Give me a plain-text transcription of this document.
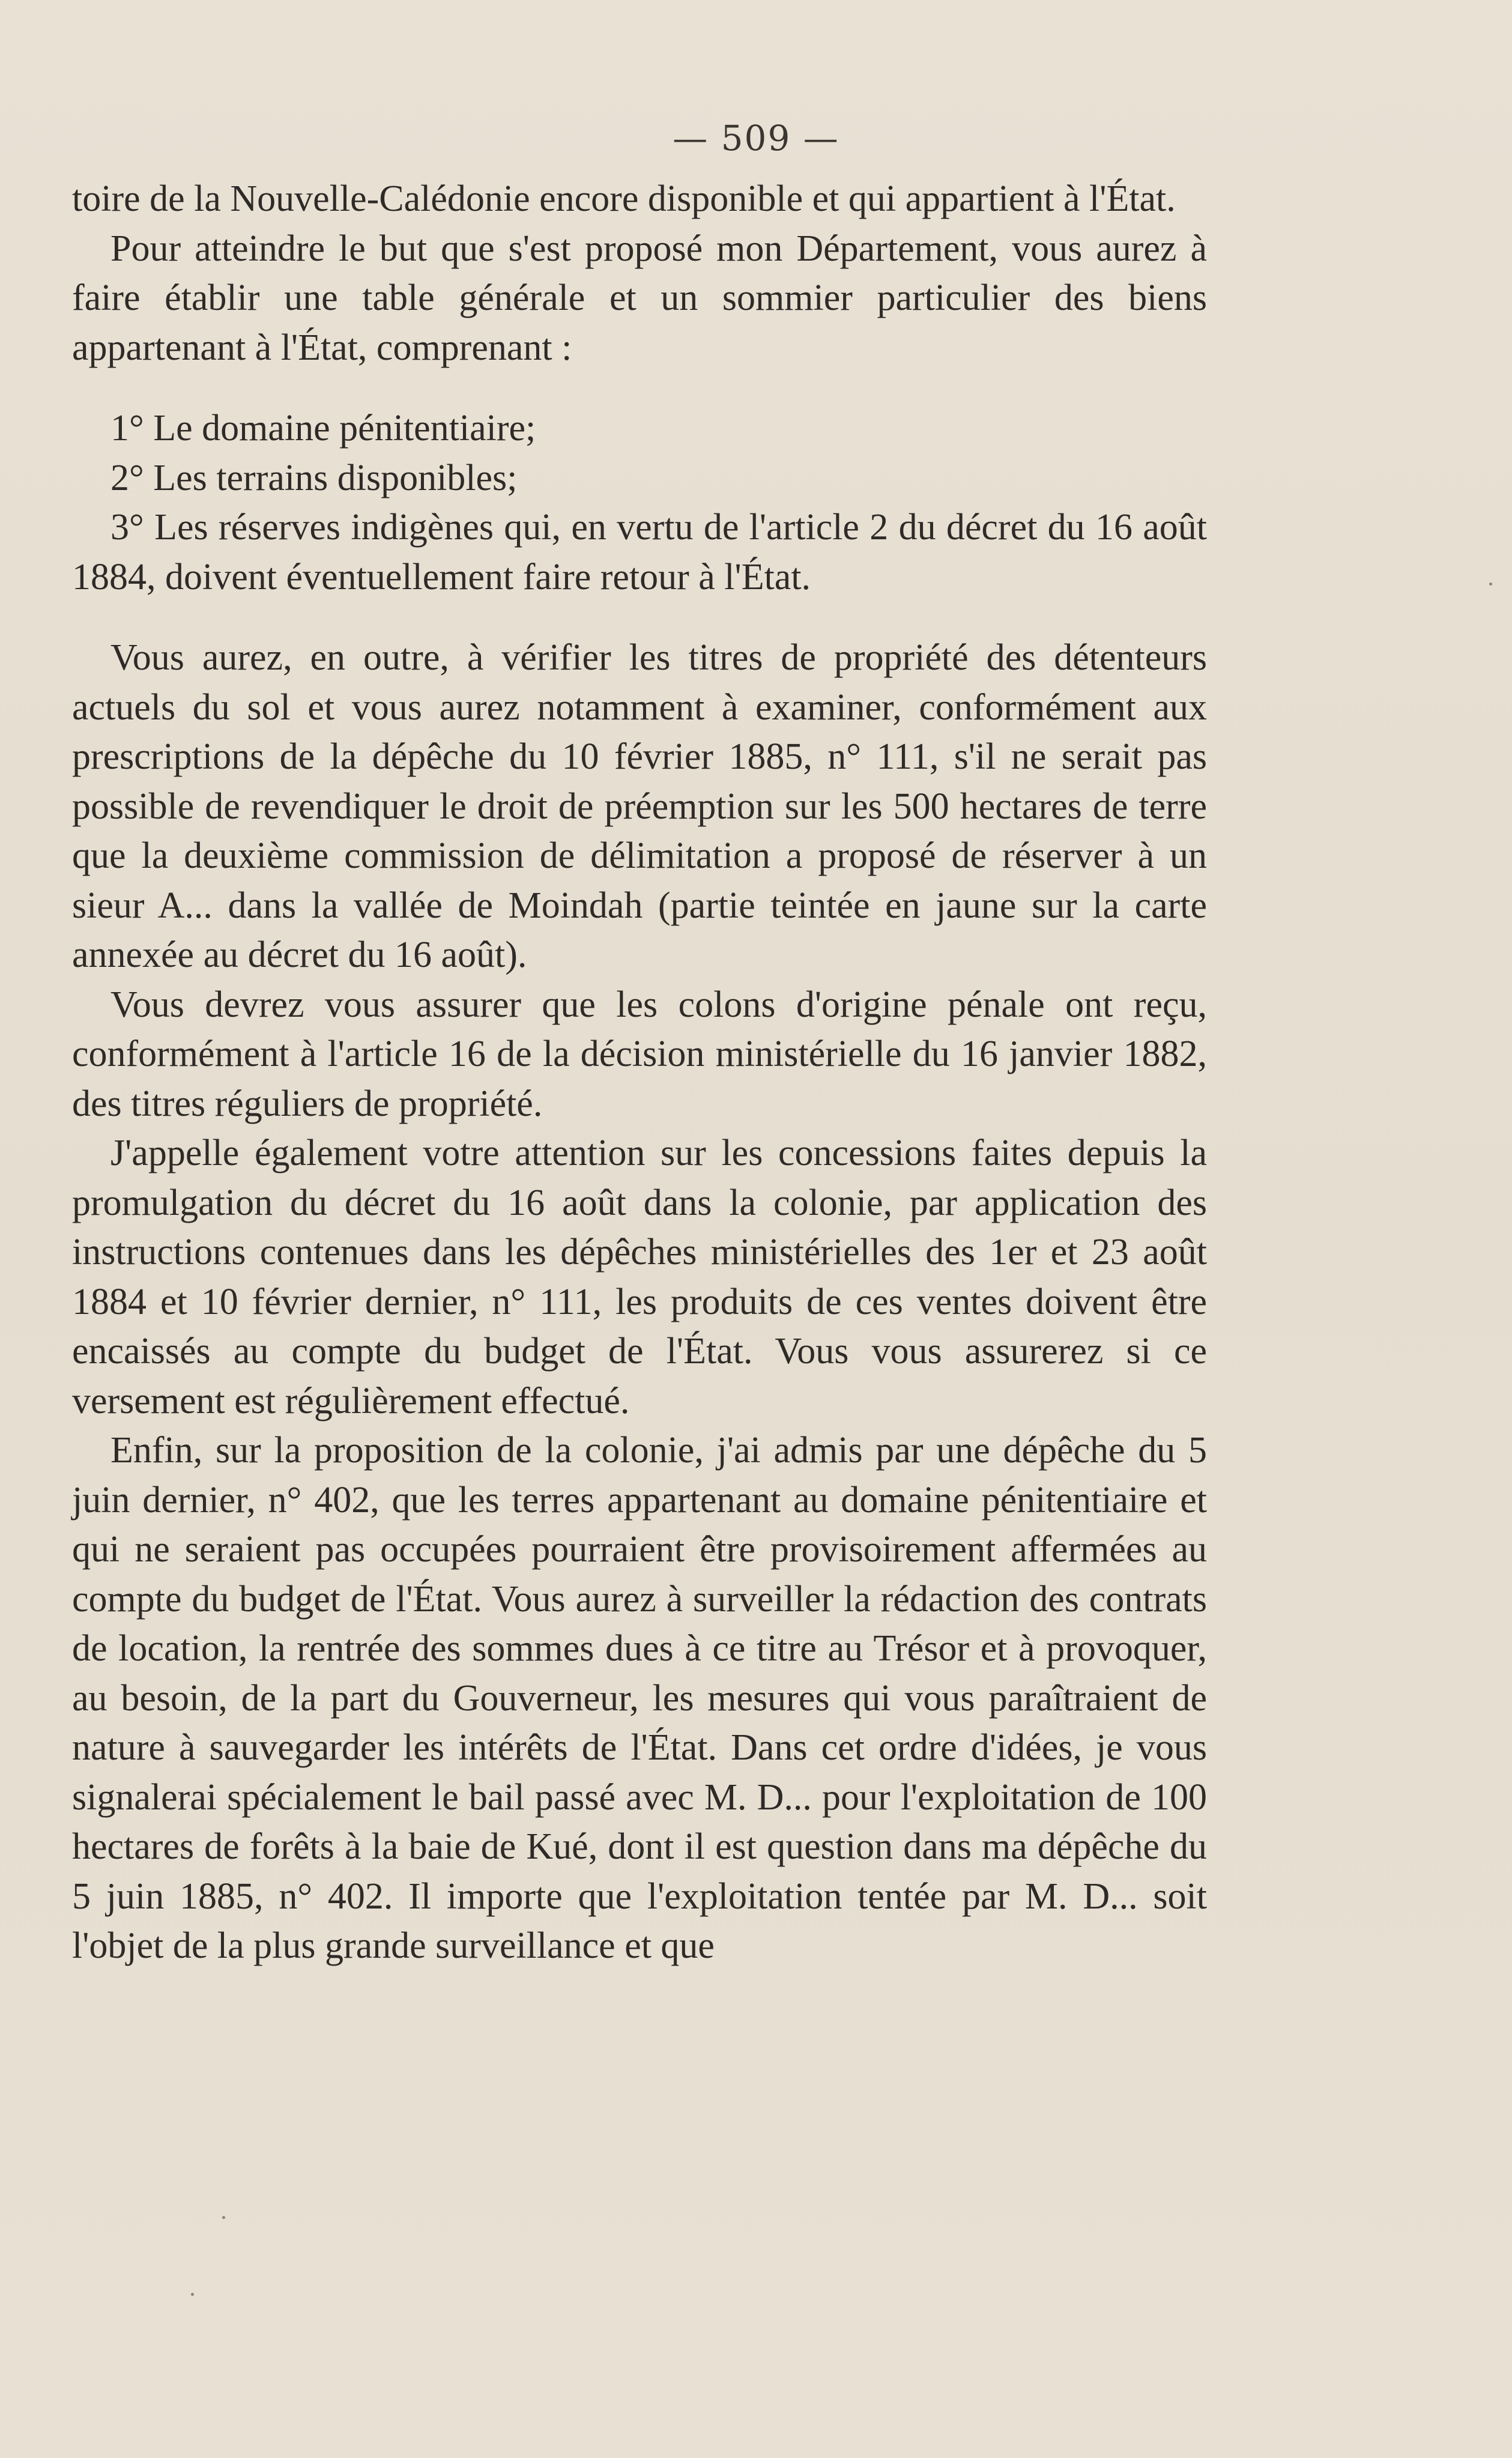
— 509 —

toire de la Nouvelle-Calédonie encore disponible et qui appartient à l'État.

Pour atteindre le but que s'est proposé mon Département, vous aurez à faire établir une table générale et un sommier particulier des biens appartenant à l'État, comprenant :

1° Le domaine pénitentiaire;

2° Les terrains disponibles;

3° Les réserves indigènes qui, en vertu de l'article 2 du décret du 16 août 1884, doivent éventuellement faire retour à l'État.

Vous aurez, en outre, à vérifier les titres de propriété des détenteurs actuels du sol et vous aurez notamment à examiner, conformément aux prescriptions de la dépêche du 10 février 1885, n° 111, s'il ne serait pas possible de revendiquer le droit de préemption sur les 500 hectares de terre que la deuxième commission de délimitation a proposé de réserver à un sieur A... dans la vallée de Moindah (partie teintée en jaune sur la carte annexée au décret du 16 août).

Vous devrez vous assurer que les colons d'origine pénale ont reçu, conformément à l'article 16 de la décision ministérielle du 16 janvier 1882, des titres réguliers de propriété.

J'appelle également votre attention sur les concessions faites depuis la promulgation du décret du 16 août dans la colonie, par application des instructions contenues dans les dépêches ministérielles des 1er et 23 août 1884 et 10 février dernier, n° 111, les produits de ces ventes doivent être encaissés au compte du budget de l'État. Vous vous assurerez si ce versement est régulièrement effectué.

Enfin, sur la proposition de la colonie, j'ai admis par une dépêche du 5 juin dernier, n° 402, que les terres appartenant au domaine pénitentiaire et qui ne seraient pas occupées pourraient être provisoirement affermées au compte du budget de l'État. Vous aurez à surveiller la rédaction des contrats de location, la rentrée des sommes dues à ce titre au Trésor et à provoquer, au besoin, de la part du Gouverneur, les mesures qui vous paraîtraient de nature à sauvegarder les intérêts de l'État. Dans cet ordre d'idées, je vous signalerai spécialement le bail passé avec M. D... pour l'exploitation de 100 hectares de forêts à la baie de Kué, dont il est question dans ma dépêche du 5 juin 1885, n° 402. Il importe que l'exploitation tentée par M. D... soit l'objet de la plus grande surveillance et que
